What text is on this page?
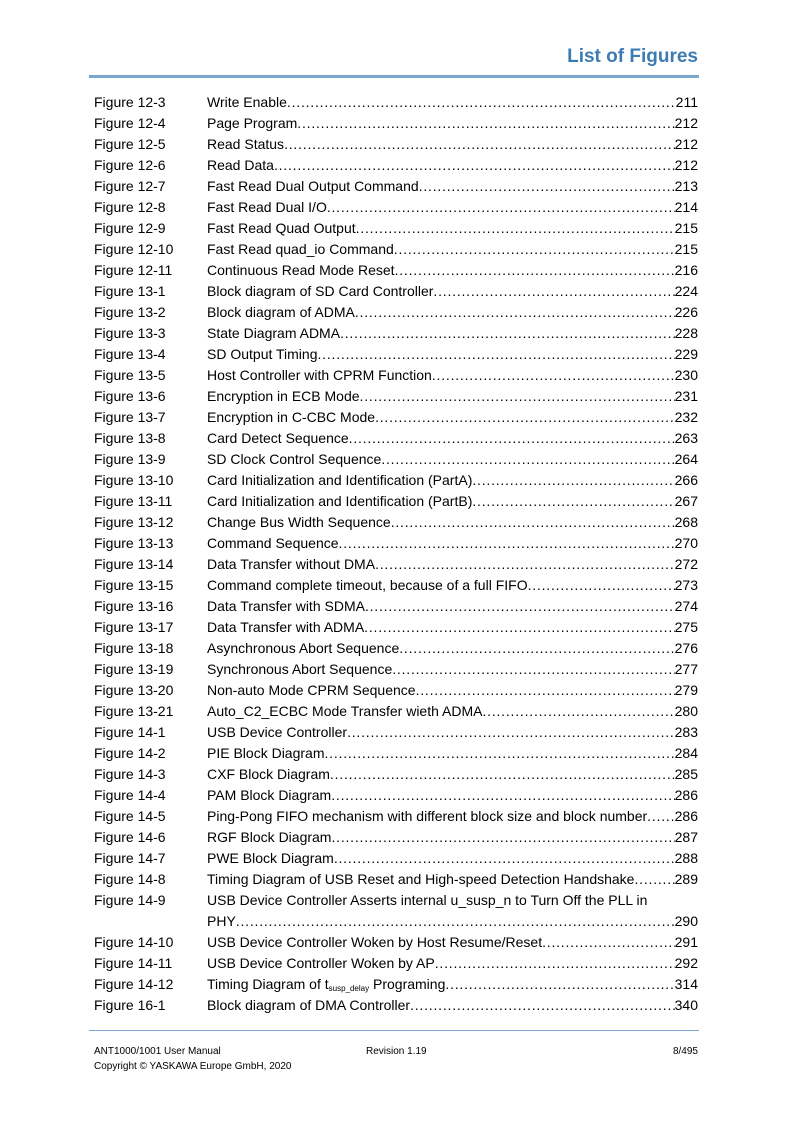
List of Figures
Figure 12-3	Write Enable . . .	211
Figure 12-4	Page Program . . .	212
Figure 12-5	Read Status . . .	212
Figure 12-6	Read Data . . .	212
Figure 12-7	Fast Read Dual Output Command . . .	213
Figure 12-8	Fast Read Dual I/O . . .	214
Figure 12-9	Fast Read Quad Output . . .	215
Figure 12-10	Fast Read quad_io Command . . .	215
Figure 12-11	Continuous Read Mode Reset . . .	216
Figure 13-1	Block diagram of SD Card Controller . . .	224
Figure 13-2	Block diagram of ADMA . . .	226
Figure 13-3	State Diagram ADMA . . .	228
Figure 13-4	SD Output Timing . . .	229
Figure 13-5	Host Controller with CPRM Function . . .	230
Figure 13-6	Encryption in ECB Mode . . .	231
Figure 13-7	Encryption in C-CBC Mode . . .	232
Figure 13-8	Card Detect Sequence . . .	263
Figure 13-9	SD Clock Control Sequence . . .	264
Figure 13-10	Card Initialization and Identification (PartA) . . .	266
Figure 13-11	Card Initialization and Identification (PartB) . . .	267
Figure 13-12	Change Bus Width Sequence . . .	268
Figure 13-13	Command Sequence . . .	270
Figure 13-14	Data Transfer without DMA . . .	272
Figure 13-15	Command complete timeout, because of a full FIFO . . .	273
Figure 13-16	Data Transfer with SDMA . . .	274
Figure 13-17	Data Transfer with ADMA . . .	275
Figure 13-18	Asynchronous Abort Sequence . . .	276
Figure 13-19	Synchronous Abort Sequence . . .	277
Figure 13-20	Non-auto Mode CPRM Sequence . . .	279
Figure 13-21	Auto_C2_ECBC Mode Transfer wieth ADMA . . .	280
Figure 14-1	USB Device Controller . . .	283
Figure 14-2	PIE Block Diagram . . .	284
Figure 14-3	CXF Block Diagram . . .	285
Figure 14-4	PAM Block Diagram . . .	286
Figure 14-5	Ping-Pong FIFO mechanism with different block size and block number . . . 286
Figure 14-6	RGF Block Diagram . . .	287
Figure 14-7	PWE Block Diagram . . .	288
Figure 14-8	Timing Diagram of USB Reset and High-speed Detection Handshake . . .	289
Figure 14-9	USB Device Controller Asserts internal u_susp_n to Turn Off the PLL in
PHY . . .	290
Figure 14-10	USB Device Controller Woken by Host Resume/Reset . . .	291
Figure 14-11	USB Device Controller Woken by AP . . .	292
Figure 14-12	Timing Diagram of $t_{susp\_delay}$ Programing . . .	314
Figure 16-1	Block diagram of DMA Controller . . .	340
ANT1000/1001 User Manual
Copyright © YASKAWA Europe GmbH, 2020
Revision 1.19	8/495
